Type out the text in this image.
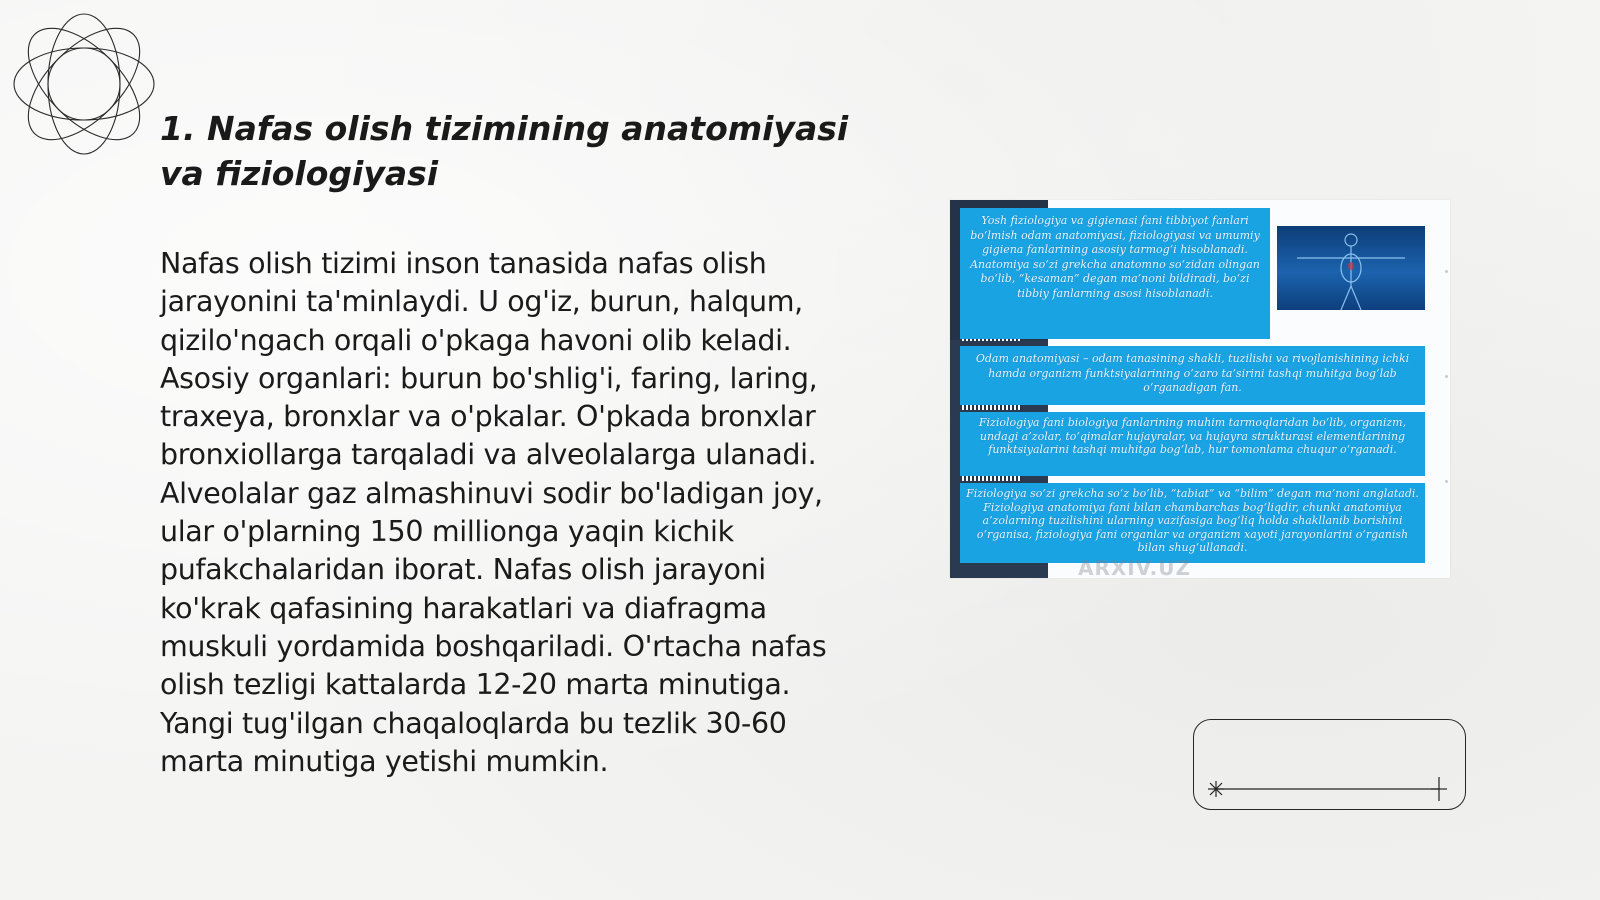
1. Nafas olish tizimining anatomiyasi
va fiziologiyasi

Nafas olish tizimi inson tanasida nafas olish jarayonini ta'minlaydi. U og'iz, burun, halqum, qizilo'ngach orqali o'pkaga havoni olib keladi. Asosiy organlari: burun bo'shlig'i, faring, laring, traxeya, bronxlar va o'pkalar. O'pkada bronxlar bronxiollarga tarqaladi va alveolalarga ulanadi. Alveolalar gaz almashinuvi sodir bo'ladigan joy, ular o'plarning 150 millionga yaqin kichik pufakchalaridan iborat. Nafas olish jarayoni ko'krak qafasining harakatlari va diafragma muskuli yordamida boshqariladi. O'rtacha nafas olish tezligi kattalarda 12-20 marta minutiga. Yangi tug'ilgan chaqaloqlarda bu tezlik 30-60 marta minutiga yetishi mumkin.

Yosh fiziologiya va gigienasi fani tibbiyot fanlari bo‘lmish odam anatomiyasi, fiziologiyasi va umumiy gigiena fanlarining asosiy tarmog‘i hisoblanadi. Anatomiya so‘zi grekcha anatomno so‘zidan olingan bo‘lib, “kesaman” degan ma’noni bildiradi, bo‘zi tibbiy fanlarning asosi hisoblanadi.

Odam anatomiyasi – odam tanasining shakli, tuzilishi va rivojlanishining ichki hamda organizm funktsiyalarining o‘zaro ta’sirini tashqi muhitga bog‘lab o‘rganadigan fan.

Fiziologiya fani biologiya fanlarining muhim tarmoqlaridan bo‘lib, organizm, undagi a’zolar, to‘qimalar hujayralar, va hujayra strukturasi elementlarining funktsiyalarini tashqi muhitga bog‘lab, hur tomonlama chuqur o‘rganadi.

Fiziologiya so‘zi grekcha so‘z bo‘lib, “tabiat” va “bilim” degan ma’noni anglatadi. Fiziologiya anatomiya fani bilan chambarchas bog‘liqdir, chunki anatomiya a’zolarning tuzilishini ularning vazifasiga bog‘liq holda shakllanib borishini o‘rganisa, fiziologiya fani organlar va organizm xayoti jarayonlarini o‘rganish bilan shug‘ullanadi.

ARXIV.UZ
